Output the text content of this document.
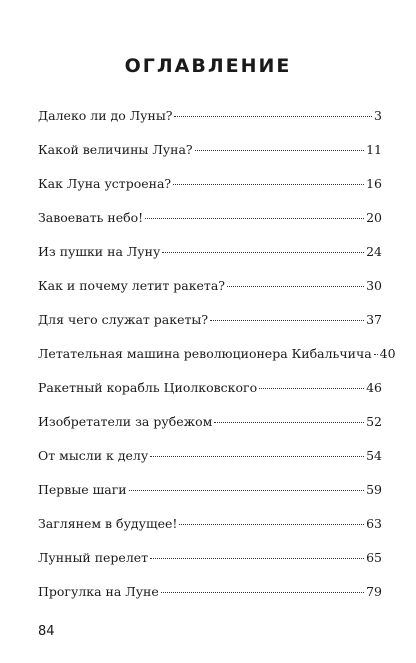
ОГЛАВЛЕНИЕ
Далеко ли до Луны?	3
Какой величины Луна?	11
Как Луна устроена?	16
Завоевать небо!	20
Из пушки на Луну	24
Как и почему летит ракета?	30
Для чего служат ракеты?	37
Летательная машина революционера Кибальчича 40
Ракетный корабль Циолковского	46
Изобретатели за рубежом	52
От мысли к делу	54
Первые шаги	59
Заглянем в будущее!	63
Лунный перелет	65
Прогулка на Луне	79
84
